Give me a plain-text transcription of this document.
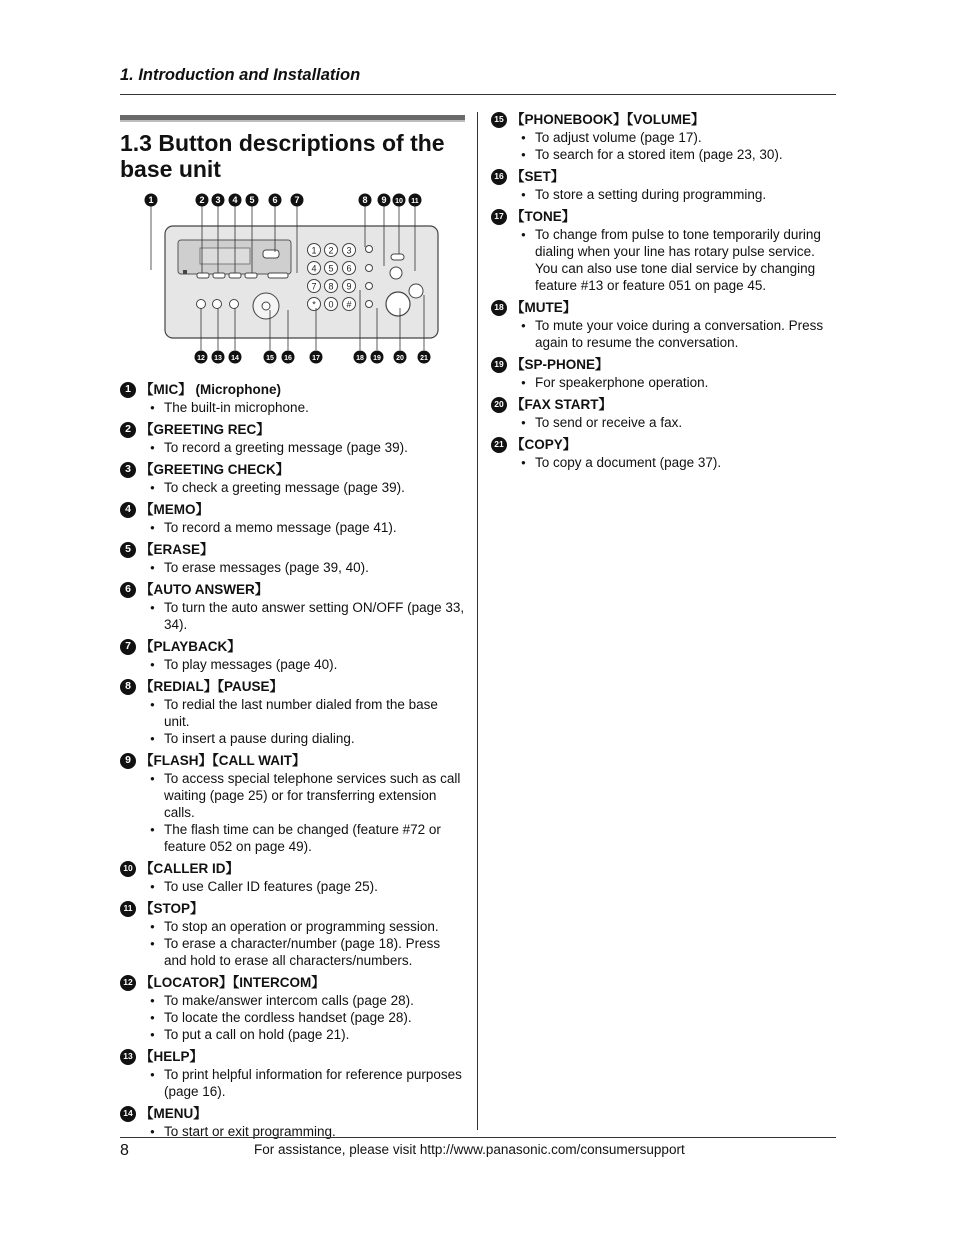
1. Introduction and Installation
1.3 Button descriptions of the
base unit
1 2 3
4 5 6
7 8 9
* 0 #
1	2 3 4 5 6 7	8 9 10 11
12 13 14	15 16	17	18 19 20 21
1 【MIC】 (Microphone)
● The built-in microphone.
2 【GREETING REC】
● To record a greeting message (page 39).
3 【GREETING CHECK】
● To check a greeting message (page 39).
4 【MEMO】
● To record a memo message (page 41).
5 【ERASE】
● To erase messages (page 39, 40).
6 【AUTO ANSWER】
● To turn the auto answer setting ON/OFF (page 33, 34).
7 【PLAYBACK】
● To play messages (page 40).
8 【REDIAL】【PAUSE】
● To redial the last number dialed from the base unit.
● To insert a pause during dialing.
9 【FLASH】【CALL WAIT】
● To access special telephone services such as call waiting (page 25) or for transferring extension calls.
● The flash time can be changed (feature #72 or feature 052 on page 49).
10 【CALLER ID】
● To use Caller ID features (page 25).
11 【STOP】
● To stop an operation or programming session.
● To erase a character/number (page 18). Press and hold to erase all characters/numbers.
12 【LOCATOR】【INTERCOM】
● To make/answer intercom calls (page 28).
● To locate the cordless handset (page 28).
● To put a call on hold (page 21).
13 【HELP】
● To print helpful information for reference purposes (page 16).
14 【MENU】
● To start or exit programming.
15 【PHONEBOOK】【VOLUME】
● To adjust volume (page 17).
● To search for a stored item (page 23, 30).
16 【SET】
● To store a setting during programming.
17 【TONE】
● To change from pulse to tone temporarily during dialing when your line has rotary pulse service. You can also use tone dial service by changing feature #13 or feature 051 on page 45.
18 【MUTE】
● To mute your voice during a conversation. Press again to resume the conversation.
19 【SP-PHONE】
● For speakerphone operation.
20 【FAX START】
● To send or receive a fax.
21 【COPY】
● To copy a document (page 37).
8	For assistance, please visit http://www.panasonic.com/consumersupport
